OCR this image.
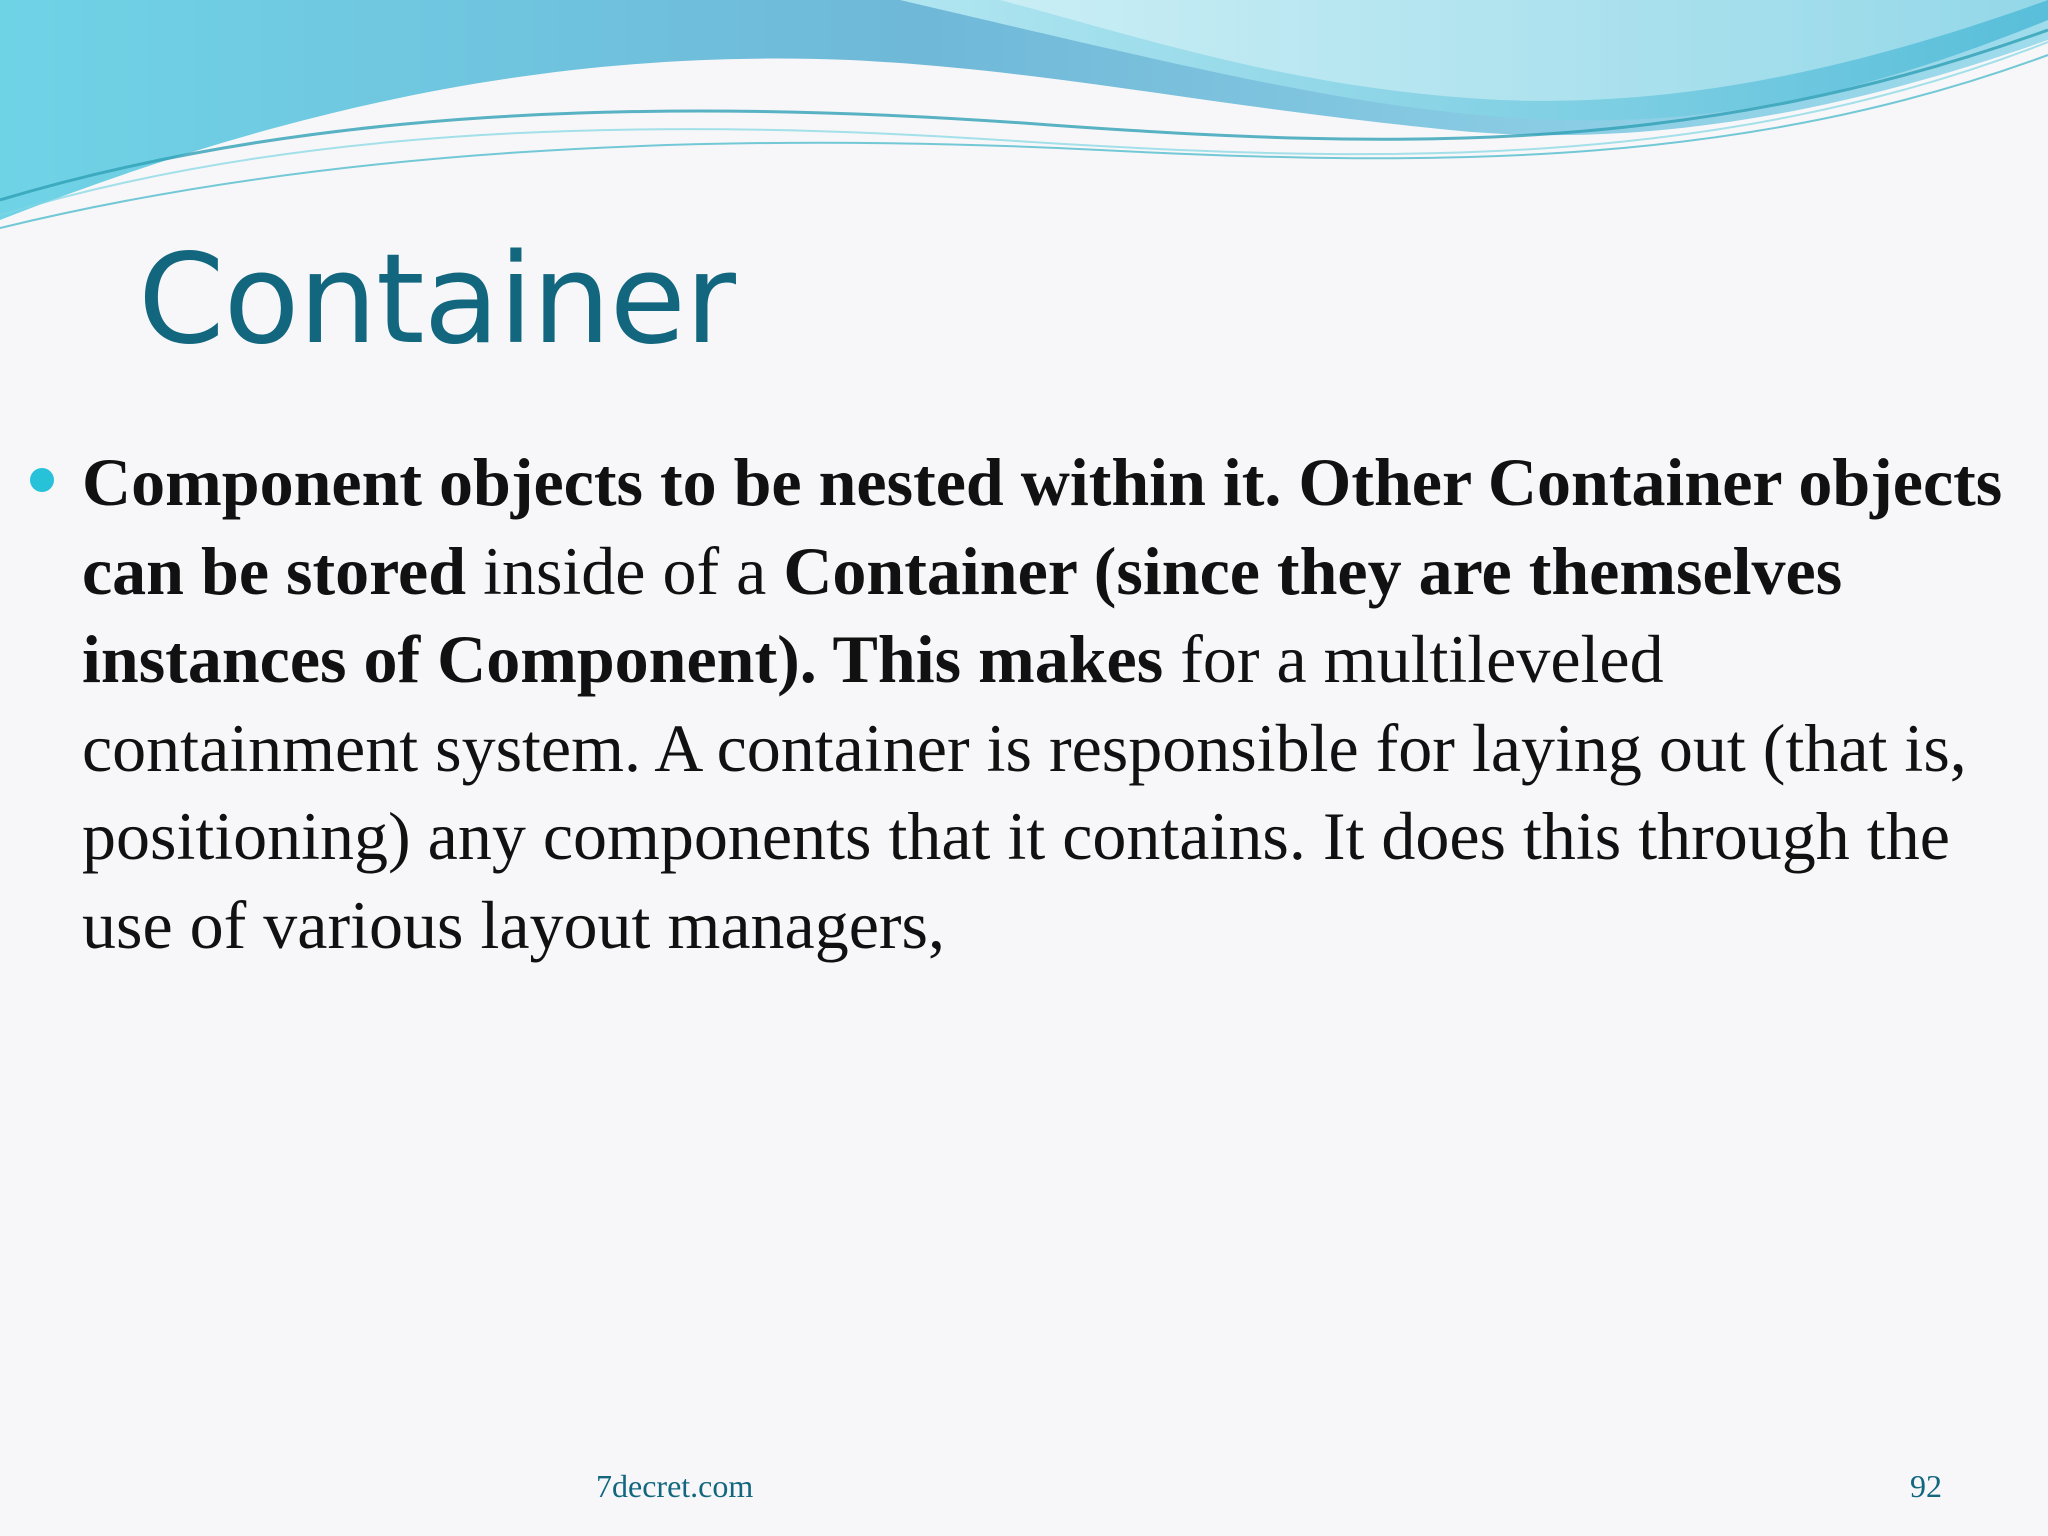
Container

Component objects to be nested within it. Other Container objects can be stored inside of a Container (since they are themselves instances of Component). This makes for a multileveled containment system. A container is responsible for laying out (that is, positioning) any components that it contains. It does this through the use of various layout managers,

7decret.com	92
